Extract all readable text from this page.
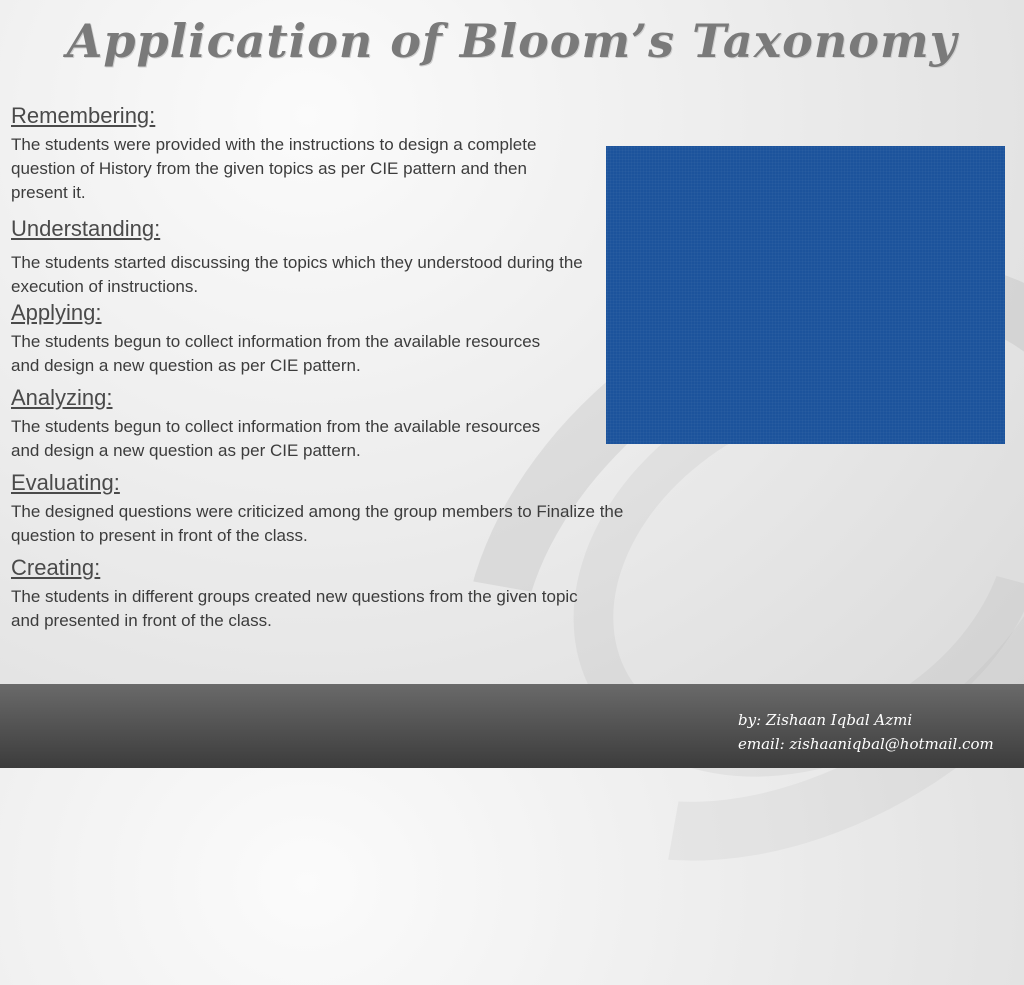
Application of Bloom’s Taxonomy

Remembering:

The students were provided with the instructions to design a complete question of History from the given topics as per CIE pattern and then present it.

Understanding:

The students started discussing the topics which they understood during the execution of instructions.

Applying:

The students begun to collect information from the available resources and design a new question as per CIE pattern.

Analyzing:

The students begun to collect information from the available resources and design a new question as per CIE pattern.

Evaluating:

The designed questions were criticized among the group members to Finalize the question to present in front of the class.

Creating:

The students in different groups created new questions from the given topic and presented in front of the class.

by: Zishaan Iqbal Azmi
email: zishaaniqbal@hotmail.com
